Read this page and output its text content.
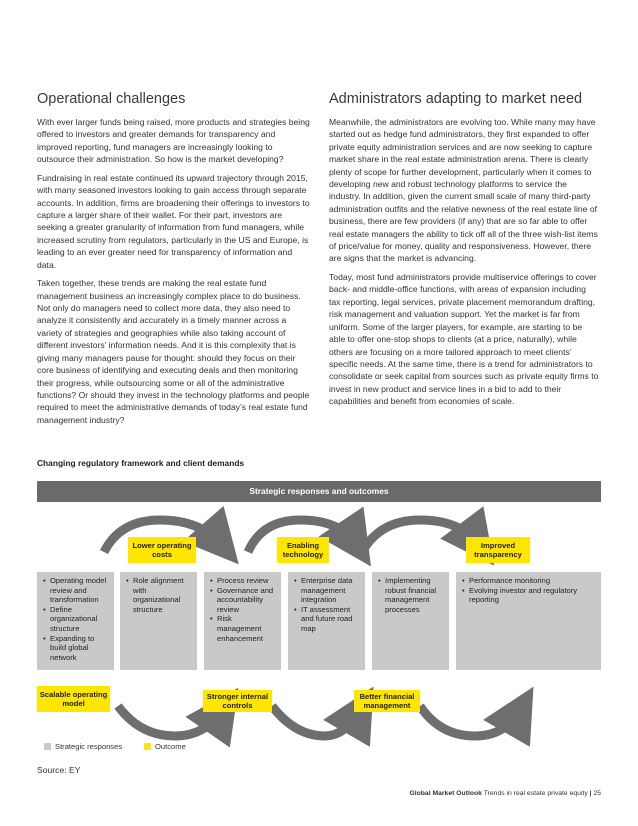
Operational challenges

With ever larger funds being raised, more products and strategies being offered to investors and greater demands for transparency and improved reporting, fund managers are increasingly looking to outsource their administration. So how is the market developing?

Fundraising in real estate continued its upward trajectory through 2015, with many seasoned investors looking to gain access through separate accounts. In addition, firms are broadening their offerings to investors to capture a larger share of their wallet. For their part, investors are seeking a greater granularity of information from fund managers, while increased scrutiny from regulators, particularly in the US and Europe, is leading to an ever greater need for transparency of information and data.

Taken together, these trends are making the real estate fund management business an increasingly complex place to do business. Not only do managers need to collect more data, they also need to analyze it consistently and accurately in a timely manner across a variety of strategies and geographies while also taking account of different investors’ information needs. And it is this complexity that is giving many managers pause for thought: should they focus on their core business of identifying and executing deals and then monitoring their progress, while outsourcing some or all of the administrative functions? Or should they invest in the technology platforms and people required to meet the administrative demands of today’s real estate fund management industry?

Administrators adapting to market need

Meanwhile, the administrators are evolving too. While many may have started out as hedge fund administrators, they first expanded to offer private equity administration services and are now seeking to capture market share in the real estate administration arena. There is clearly plenty of scope for further development, particularly when it comes to developing new and robust technology platforms to service the industry. In addition, given the current small scale of many third-party administration outfits and the relative newness of the real estate line of business, there are few providers (if any) that are so far able to offer real estate managers the ability to tick off all of the three wish-list items of price/value for money, quality and responsiveness. However, there are signs that the market is advancing.

Today, most fund administrators provide multiservice offerings to cover back- and middle-office functions, with areas of expansion including tax reporting, legal services, private placement memorandum drafting, risk management and valuation support. Yet the market is far from uniform. Some of the larger players, for example, are starting to be able to offer one-stop shops to clients (at a price, naturally), while others are focusing on a more tailored approach to meet clients’ specific needs. At the same time, there is a trend for administrators to consolidate or seek capital from sources such as private equity firms to invest in new product and service lines in a bid to add to their capabilities and benefit from economies of scale.

Changing regulatory framework and client demands
Strategic responses and outcomes
Lower operating costs
Enabling technology
Improved transparency
• Operating model review and transformation
• Define organizational structure
• Expanding to build global network
• Role alignment with organizational structure
• Process review
• Governance and accountability review
• Risk management enhancement
• Enterprise data management integration
• IT assessment and future road map
• Implementing robust financial management processes
• Performance monitoring
• Evolving investor and regulatory reporting
Scalable operating model
Stronger internal controls
Better financial management
Strategic responses	Outcome
Source: EY
Global Market Outlook Trends in real estate private equity | 25
